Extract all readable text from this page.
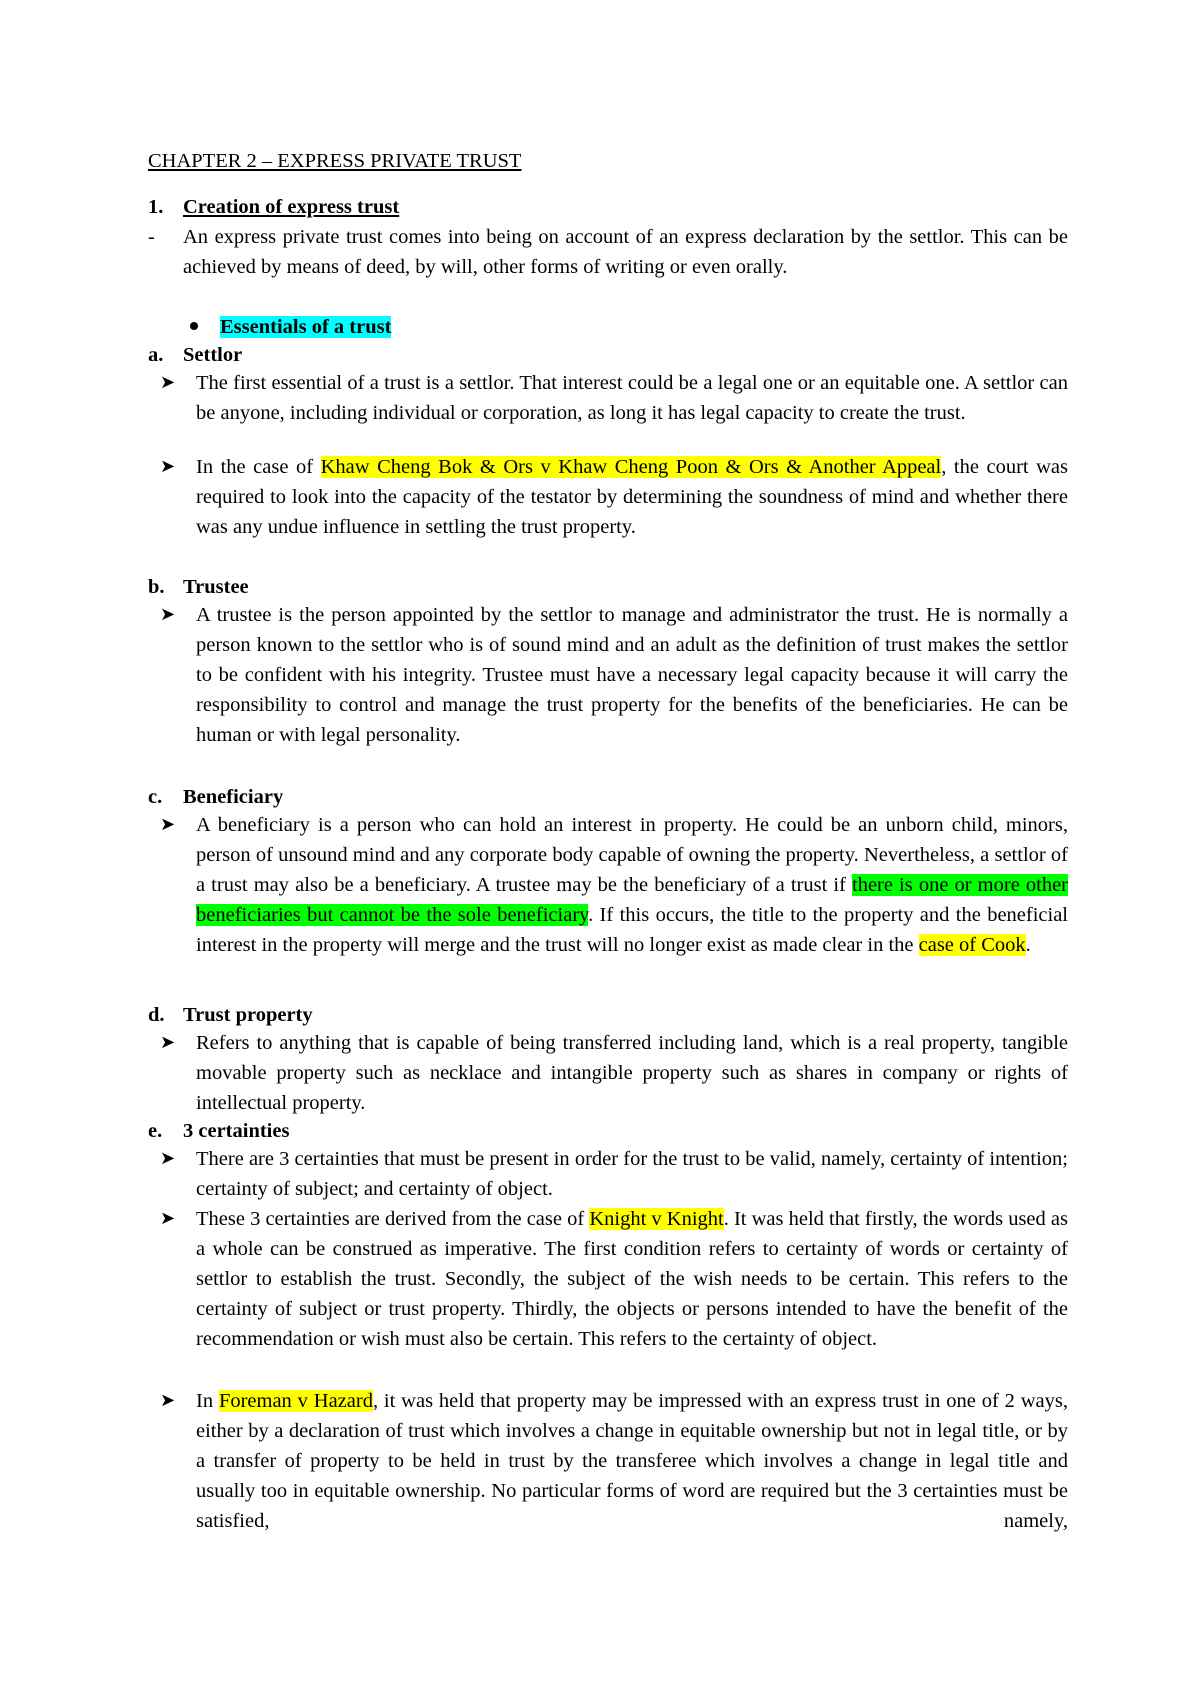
CHAPTER 2 – EXPRESS PRIVATE TRUST
1. Creation of express trust
- An express private trust comes into being on account of an express declaration by the settlor. This can be achieved by means of deed, by will, other forms of writing or even orally.
Essentials of a trust
a. Settlor
➤ The first essential of a trust is a settlor. That interest could be a legal one or an equitable one. A settlor can be anyone, including individual or corporation, as long it has legal capacity to create the trust.
➤ In the case of Khaw Cheng Bok & Ors v Khaw Cheng Poon & Ors & Another Appeal, the court was required to look into the capacity of the testator by determining the soundness of mind and whether there was any undue influence in settling the trust property.
b. Trustee
➤ A trustee is the person appointed by the settlor to manage and administrator the trust. He is normally a person known to the settlor who is of sound mind and an adult as the definition of trust makes the settlor to be confident with his integrity. Trustee must have a necessary legal capacity because it will carry the responsibility to control and manage the trust property for the benefits of the beneficiaries. He can be human or with legal personality.
c. Beneficiary
➤ A beneficiary is a person who can hold an interest in property. He could be an unborn child, minors, person of unsound mind and any corporate body capable of owning the property. Nevertheless, a settlor of a trust may also be a beneficiary. A trustee may be the beneficiary of a trust if there is one or more other beneficiaries but cannot be the sole beneficiary. If this occurs, the title to the property and the beneficial interest in the property will merge and the trust will no longer exist as made clear in the case of Cook.
d. Trust property
➤ Refers to anything that is capable of being transferred including land, which is a real property, tangible movable property such as necklace and intangible property such as shares in company or rights of intellectual property.
e. 3 certainties
➤ There are 3 certainties that must be present in order for the trust to be valid, namely, certainty of intention; certainty of subject; and certainty of object.
➤ These 3 certainties are derived from the case of Knight v Knight. It was held that firstly, the words used as a whole can be construed as imperative. The first condition refers to certainty of words or certainty of settlor to establish the trust. Secondly, the subject of the wish needs to be certain. This refers to the certainty of subject or trust property. Thirdly, the objects or persons intended to have the benefit of the recommendation or wish must also be certain. This refers to the certainty of object.
➤ In Foreman v Hazard, it was held that property may be impressed with an express trust in one of 2 ways, either by a declaration of trust which involves a change in equitable ownership but not in legal title, or by a transfer of property to be held in trust by the transferee which involves a change in legal title and usually too in equitable ownership. No particular forms of word are required but the 3 certainties must be satisfied, namely,
